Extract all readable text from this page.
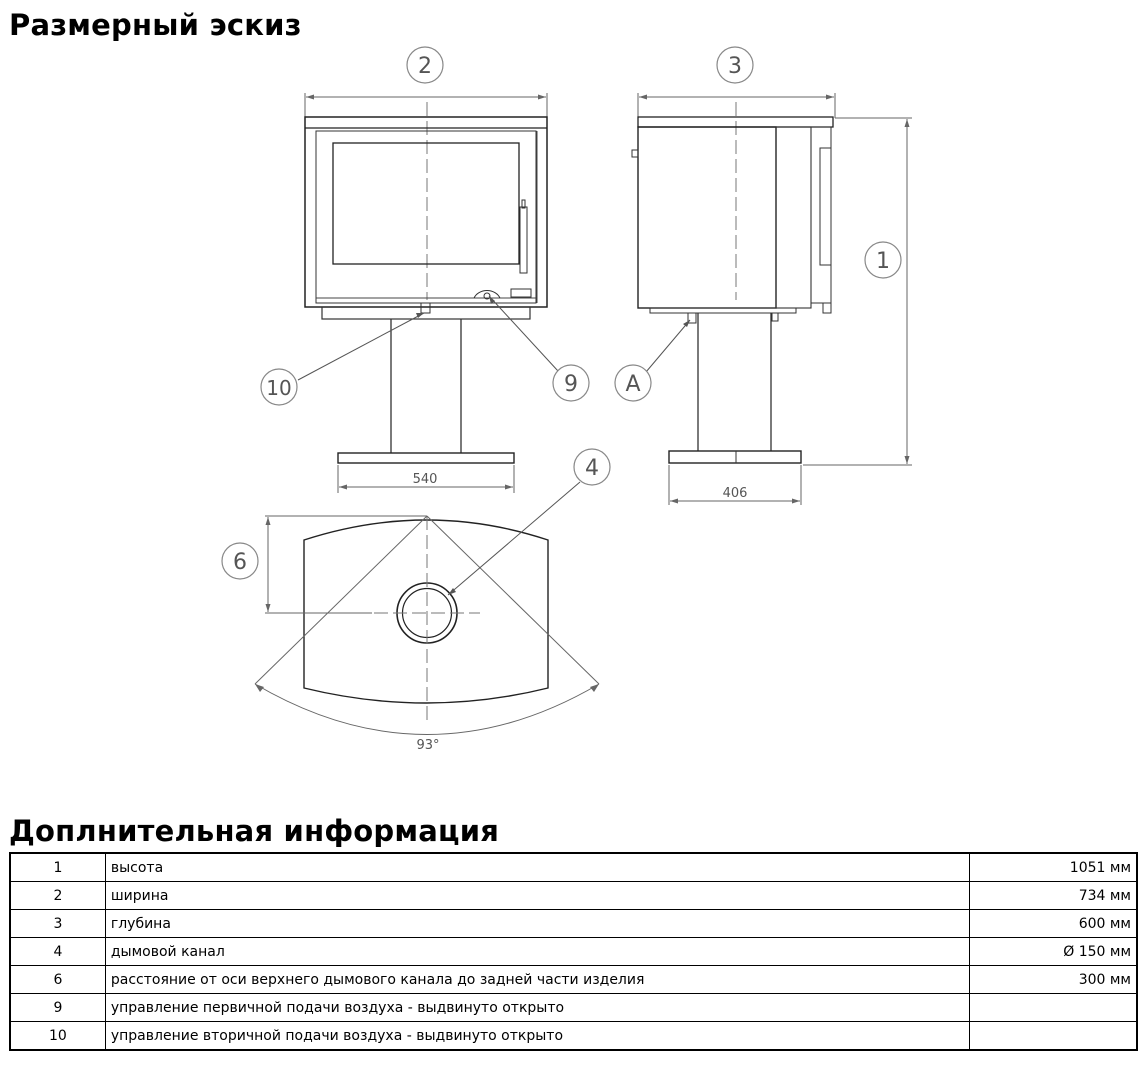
Размерный эскиз
2	3
1
10	9 A
4
6
540
406
93°
Доплнительная информация
1	высота	1051 мм
2	ширина	734 мм
3	глубина	600 мм
4	дымовой канал	Ø 150 мм
6	расстояние от оси верхнего дымового канала до задней части изделия	300 мм
9	управление первичной подачи воздуха - выдвинуто открыто	
10	управление вторичной подачи воздуха - выдвинуто открыто	
